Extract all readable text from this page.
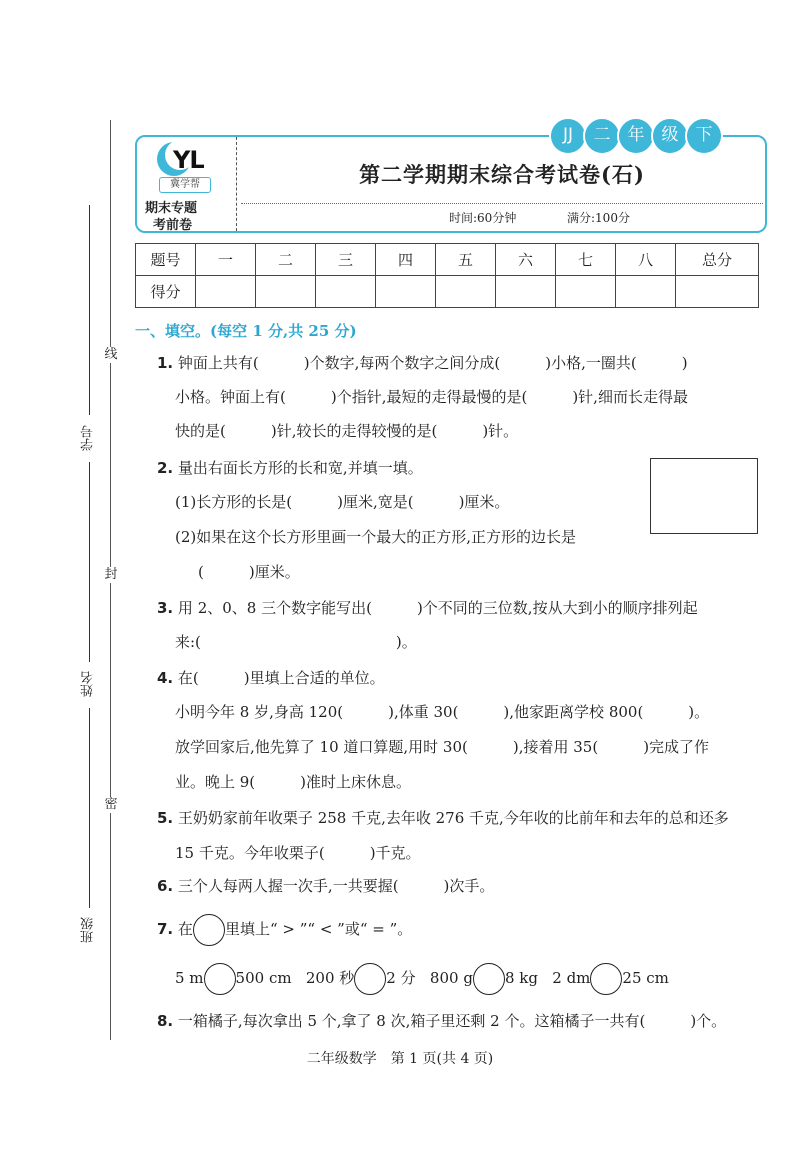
线
封
密
学号
姓名
班级
YL
冀学帮
期末专题
考前卷
第二学期期末综合考试卷(石)
时间:60分钟	满分:100分
JJ	二	年	级	下
题号	一	二	三	四	五	六	七	八	总分
得分									
一、填空。(每空 1 分,共 25 分)
1. 钟面上共有(　　　)个数字,每两个数字之间分成(　　　)小格,一圈共(　　　)
小格。钟面上有(　　　)个指针,最短的走得最慢的是(　　　)针,细而长走得最
快的是(　　　)针,较长的走得较慢的是(　　　)针。
2. 量出右面长方形的长和宽,并填一填。
(1)长方形的长是(　　　)厘米,宽是(　　　)厘米。
(2)如果在这个长方形里画一个最大的正方形,正方形的边长是
(　　　)厘米。
3. 用 2、0、8 三个数字能写出(　　　)个不同的三位数,按从大到小的顺序排列起
来:(　　　　　　　　　　　　　)。
4. 在(　　　)里填上合适的单位。
小明今年 8 岁,身高 120(　　　),体重 30(　　　),他家距离学校 800(　　　)。
放学回家后,他先算了 10 道口算题,用时 30(　　　),接着用 35(　　　)完成了作
业。晚上 9(　　　)准时上床休息。
5. 王奶奶家前年收栗子 258 千克,去年收 276 千克,今年收的比前年和去年的总和还多
15 千克。今年收栗子(　　　)千克。
6. 三个人每两人握一次手,一共要握(　　　)次手。
7. 在 里填上“ > ”“ < ”或“ = ”。
5 m 500 cm 200 秒 2 分 800 g 8 kg 2 dm 25 cm
8. 一箱橘子,每次拿出 5 个,拿了 8 次,箱子里还剩 2 个。这箱橘子一共有(　　　)个。
二年级数学　第 1 页(共 4 页)
